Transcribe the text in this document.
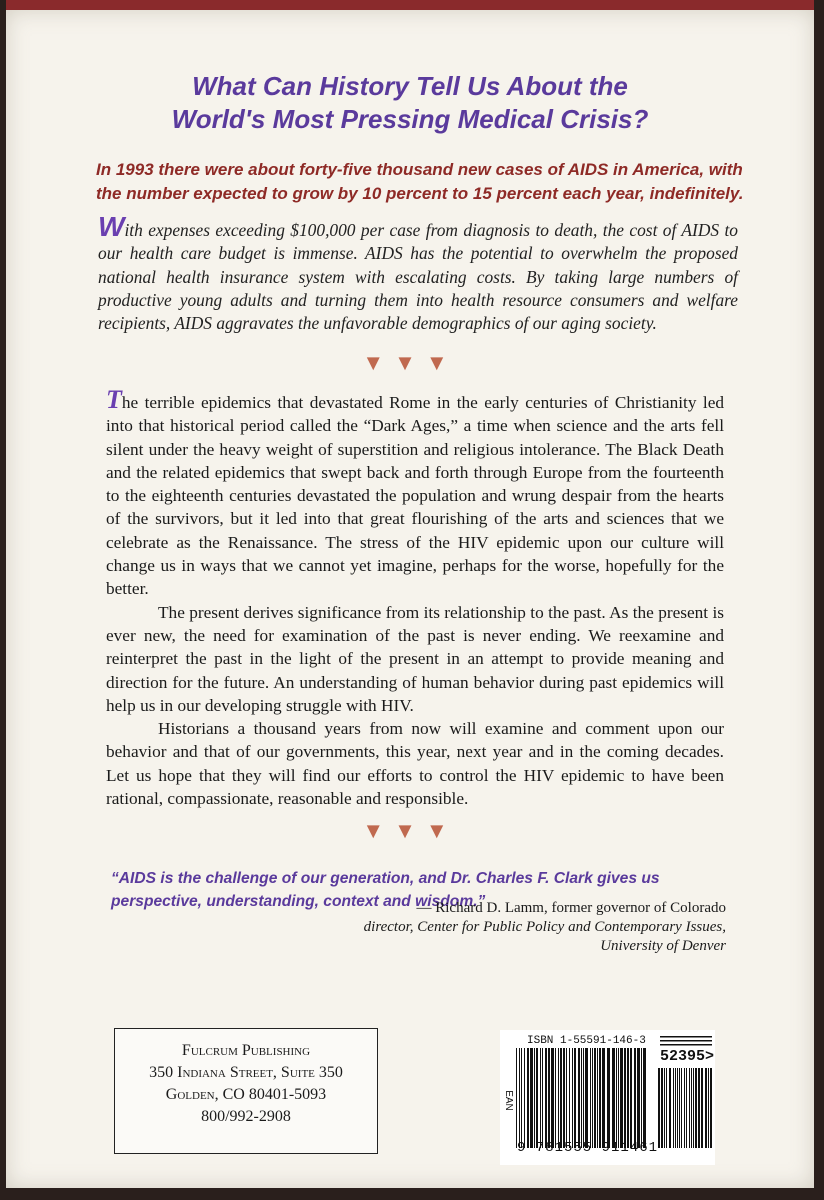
What Can History Tell Us About the
World's Most Pressing Medical Crisis?
In 1993 there were about forty-five thousand new cases of AIDS in America, with the number expected to grow by 10 percent to 15 percent each year, indefinitely.
With expenses exceeding $100,000 per case from diagnosis to death, the cost of AIDS to our health care budget is immense. AIDS has the potential to overwhelm the proposed national health insurance system with escalating costs. By taking large numbers of productive young adults and turning them into health resource consumers and welfare recipients, AIDS aggravates the unfavorable demographics of our aging society.
▼▼▼

The terrible epidemics that devastated Rome in the early centuries of Christianity led into that historical period called the “Dark Ages,” a time when science and the arts fell silent under the heavy weight of superstition and religious intolerance. The Black Death and the related epidemics that swept back and forth through Europe from the fourteenth to the eighteenth centuries devastated the population and wrung despair from the hearts of the survivors, but it led into that great flourishing of the arts and sciences that we celebrate as the Renaissance. The stress of the HIV epidemic upon our culture will change us in ways that we cannot yet imagine, perhaps for the worse, hopefully for the better.

The present derives significance from its relationship to the past. As the present is ever new, the need for examination of the past is never ending. We reexamine and reinterpret the past in the light of the present in an attempt to provide meaning and direction for the future. An understanding of human behavior during past epidemics will help us in our developing struggle with HIV.

Historians a thousand years from now will examine and comment upon our behavior and that of our governments, this year, next year and in the coming decades. Let us hope that they will find our efforts to control the HIV epidemic to have been rational, compassionate, reasonable and responsible.

▼▼▼
“AIDS is the challenge of our generation, and Dr. Charles F. Clark gives us perspective, understanding, context and wisdom.”
— Richard D. Lamm, former governor of Colorado
director, Center for Public Policy and Contemporary Issues,
University of Denver
Fulcrum Publishing
350 Indiana Street, Suite 350
Golden, CO 80401-5093
800/992-2908
ISBN 1-55591-146-3
52395>
EAN
9 781555 911461
